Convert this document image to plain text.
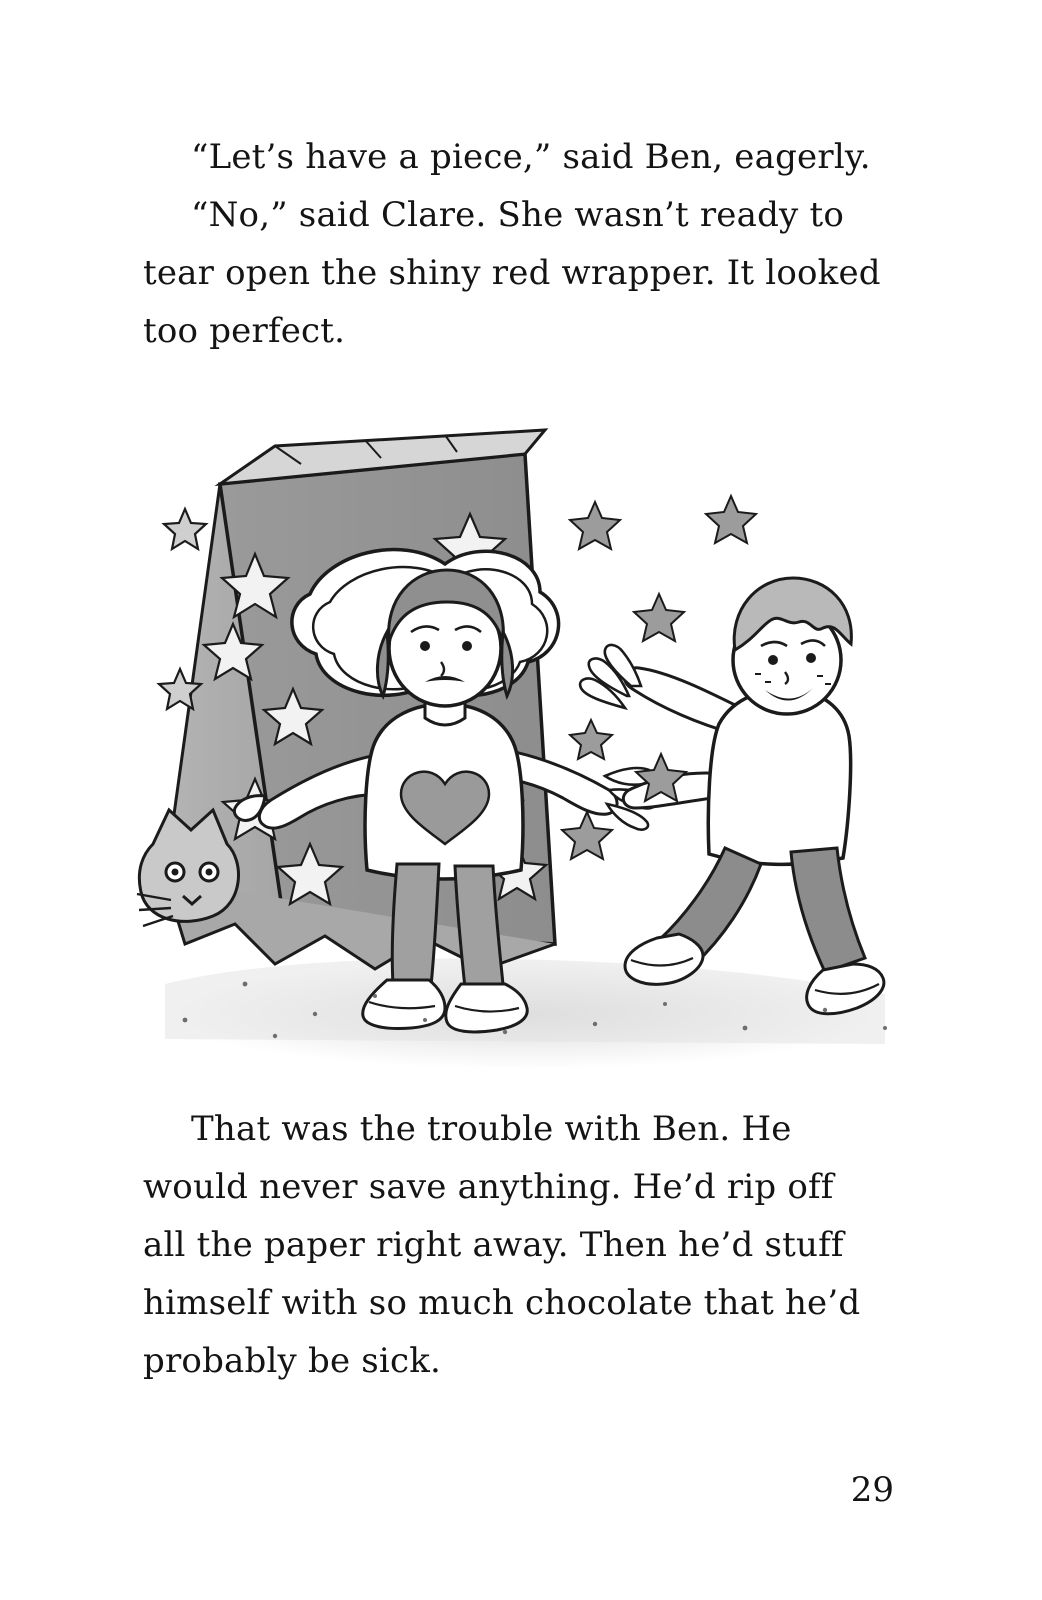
“Let’s have a piece,” said Ben, eagerly.

“No,” said Clare. She wasn’t ready to tear open the shiny red wrapper. It looked too perfect.

That was the trouble with Ben. He would never save anything. He’d rip off all the paper right away. Then he’d stuff himself with so much chocolate that he’d probably be sick.

29
